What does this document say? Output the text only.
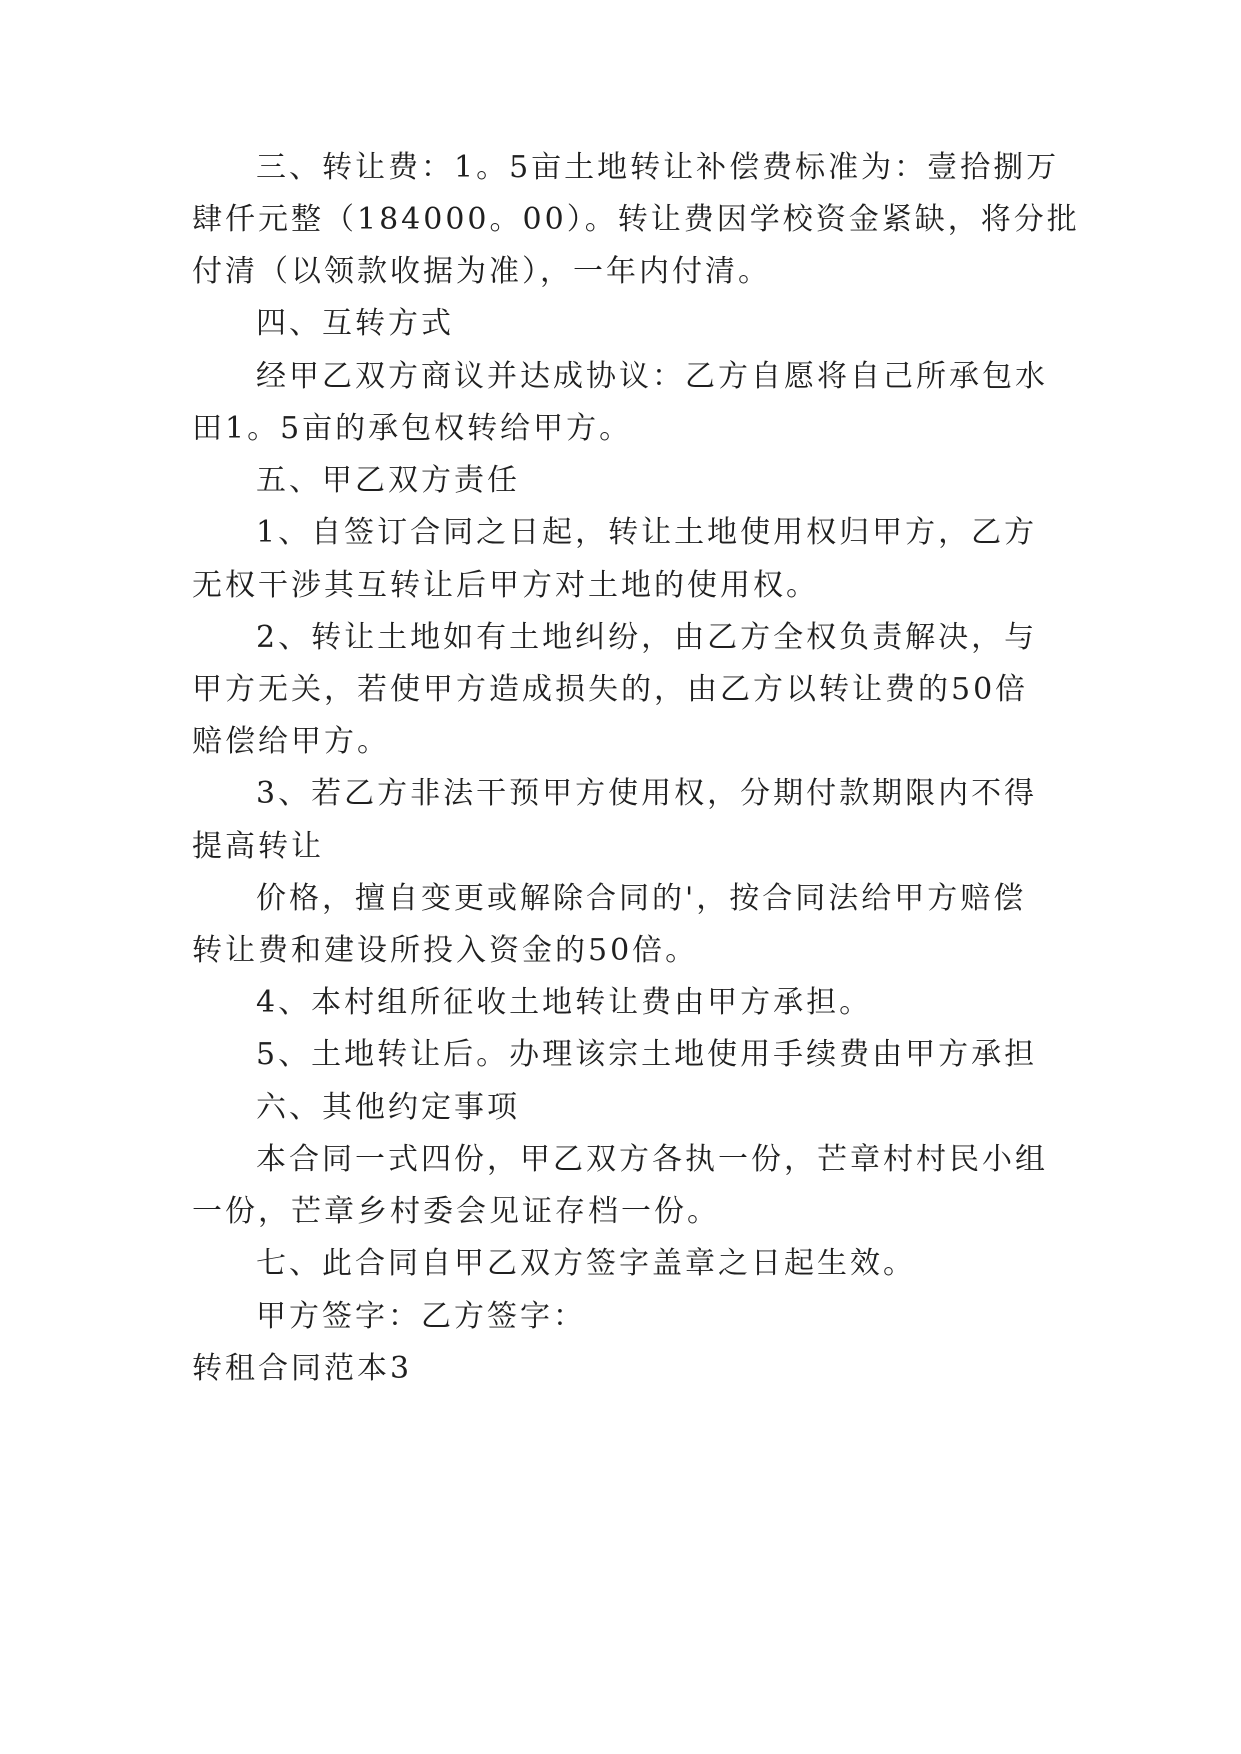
三、转让费：1。5亩土地转让补偿费标准为：壹拾捌万
肆仟元整（184000。00）。转让费因学校资金紧缺，将分批
付清（以领款收据为准），一年内付清。
四、互转方式
经甲乙双方商议并达成协议：乙方自愿将自己所承包水
田1。5亩的承包权转给甲方。
五、甲乙双方责任
1、自签订合同之日起，转让土地使用权归甲方，乙方
无权干涉其互转让后甲方对土地的使用权。
2、转让土地如有土地纠纷，由乙方全权负责解决，与
甲方无关，若使甲方造成损失的，由乙方以转让费的50倍
赔偿给甲方。
3、若乙方非法干预甲方使用权，分期付款期限内不得
提高转让
价格，擅自变更或解除合同的'，按合同法给甲方赔偿
转让费和建设所投入资金的50倍。
4、本村组所征收土地转让费由甲方承担。
5、土地转让后。办理该宗土地使用手续费由甲方承担
六、其他约定事项
本合同一式四份，甲乙双方各执一份，芒章村村民小组
一份，芒章乡村委会见证存档一份。
七、此合同自甲乙双方签字盖章之日起生效。
甲方签字：乙方签字：
转租合同范本3
